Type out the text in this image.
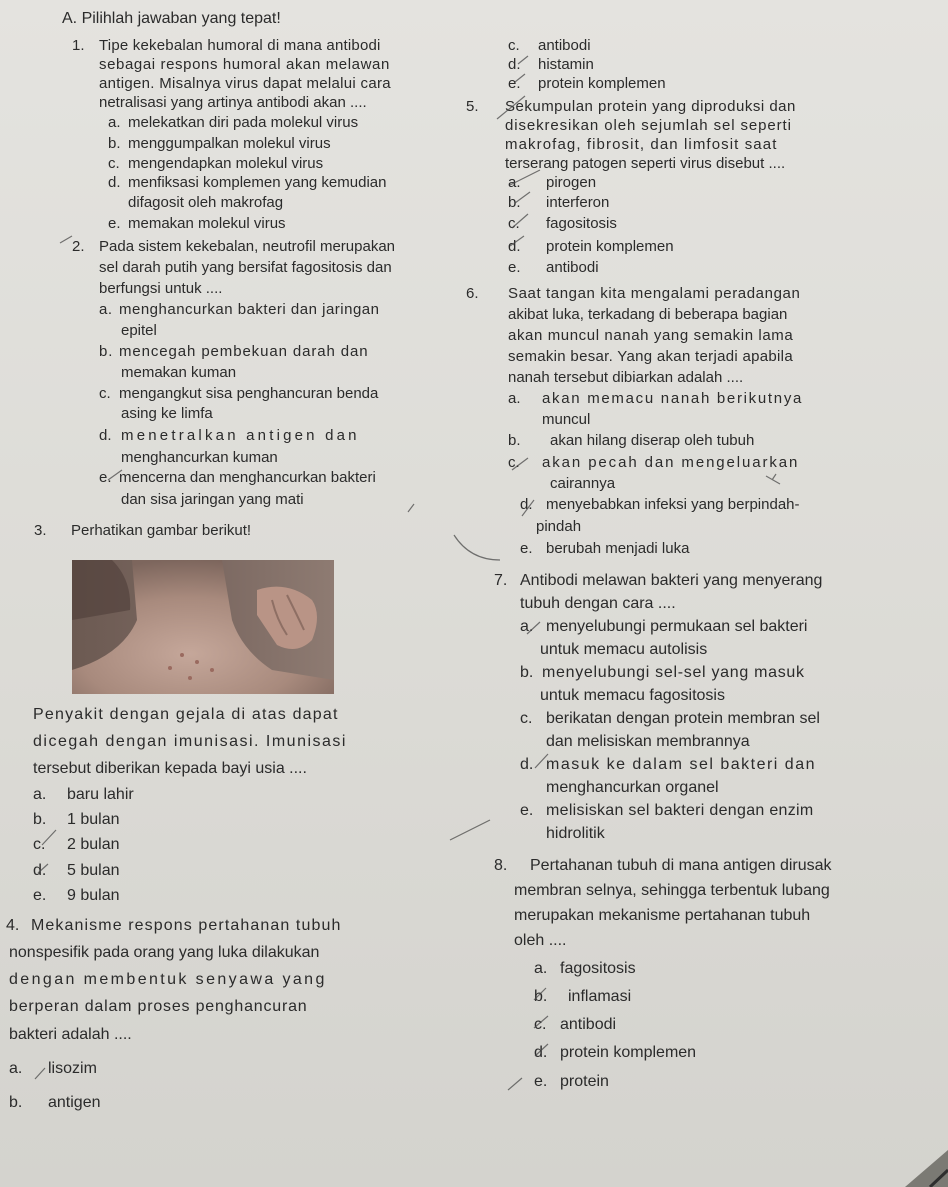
A. Pilihlah jawaban yang tepat!
1. Tipe kekebalan humoral di mana antibodi
sebagai respons humoral akan melawan
antigen. Misalnya virus dapat melalui cara
netralisasi yang artinya antibodi akan ....
a. melekatkan diri pada molekul virus
b. menggumpalkan molekul virus
c. mengendapkan molekul virus
d. menfiksasi komplemen yang kemudian
difagosit oleh makrofag
e. memakan molekul virus
2. Pada sistem kekebalan, neutrofil merupakan
sel darah putih yang bersifat fagositosis dan
berfungsi untuk ....
a. menghancurkan bakteri dan jaringan
epitel
b. mencegah pembekuan darah dan
memakan kuman
c. mengangkut sisa penghancuran benda
asing ke limfa
d. menetralkan antigen dan
menghancurkan kuman
e. mencerna dan menghancurkan bakteri
dan sisa jaringan yang mati
3. Perhatikan gambar berikut!
Penyakit dengan gejala di atas dapat
dicegah dengan imunisasi. Imunisasi
tersebut diberikan kepada bayi usia ....
a. baru lahir
b. 1 bulan
c. 2 bulan
d. 5 bulan
e. 9 bulan
4. Mekanisme respons pertahanan tubuh
nonspesifik pada orang yang luka dilakukan
dengan membentuk senyawa yang
berperan dalam proses penghancuran
bakteri adalah ....
a. lisozim
b. antigen
c. antibodi
d. histamin
e. protein komplemen
5. Sekumpulan protein yang diproduksi dan
disekresikan oleh sejumlah sel seperti
makrofag, fibrosit, dan limfosit saat
terserang patogen seperti virus disebut ....
a. pirogen
b. interferon
c. fagositosis
d. protein komplemen
e. antibodi
6. Saat tangan kita mengalami peradangan
akibat luka, terkadang di beberapa bagian
akan muncul nanah yang semakin lama
semakin besar. Yang akan terjadi apabila
nanah tersebut dibiarkan adalah ....
a. akan memacu nanah berikutnya
muncul
b. akan hilang diserap oleh tubuh
c. akan pecah dan mengeluarkan
cairannya
d. menyebabkan infeksi yang berpindah-
pindah
e. berubah menjadi luka
7. Antibodi melawan bakteri yang menyerang
tubuh dengan cara ....
a. menyelubungi permukaan sel bakteri
untuk memacu autolisis
b. menyelubungi sel-sel yang masuk
untuk memacu fagositosis
c. berikatan dengan protein membran sel
dan melisiskan membrannya
d. masuk ke dalam sel bakteri dan
menghancurkan organel
e. melisiskan sel bakteri dengan enzim
hidrolitik
8. Pertahanan tubuh di mana antigen dirusak
membran selnya, sehingga terbentuk lubang
merupakan mekanisme pertahanan tubuh
oleh ....
a. fagositosis
b. inflamasi
c. antibodi
d. protein komplemen
e. protein
